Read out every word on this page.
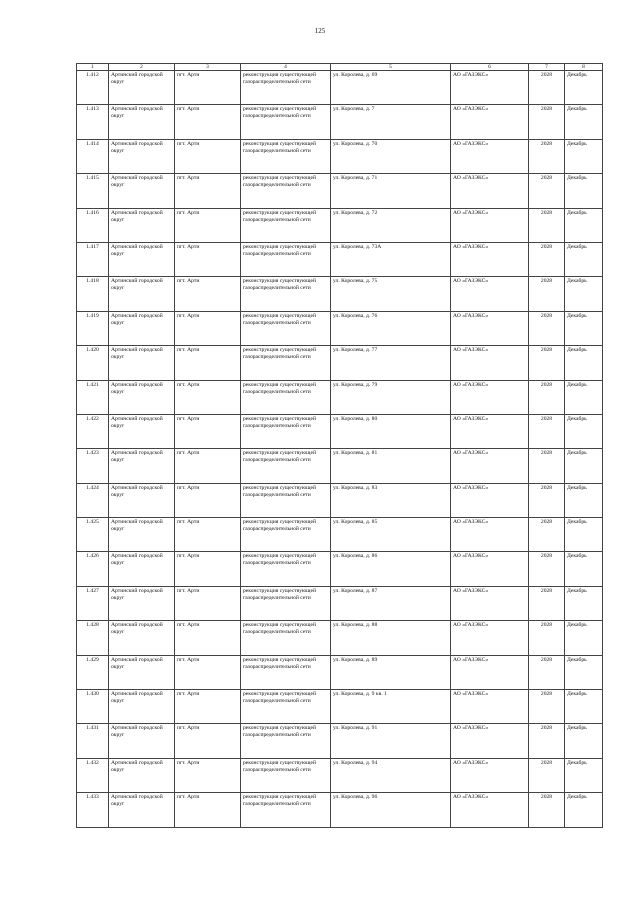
125
1	2	3	4	5	6	7	8
1.412	Артинский городской округ	пгт. Арти	реконструкция существующей газораспределительной сети	ул. Королева, д. 69	АО «ГАЗЭКС»	2028	Декабрь
1.413	Артинский городской округ	пгт. Арти	реконструкция существующей газораспределительной сети	ул. Королева, д. 7	АО «ГАЗЭКС»	2028	Декабрь
1.414	Артинский городской округ	пгт. Арти	реконструкция существующей газораспределительной сети	ул. Королева, д. 70	АО «ГАЗЭКС»	2028	Декабрь
1.415	Артинский городской округ	пгт. Арти	реконструкция существующей газораспределительной сети	ул. Королева, д. 71	АО «ГАЗЭКС»	2028	Декабрь
1.416	Артинский городской округ	пгт. Арти	реконструкция существующей газораспределительной сети	ул. Королева, д. 72	АО «ГАЗЭКС»	2028	Декабрь
1.417	Артинский городской округ	пгт. Арти	реконструкция существующей газораспределительной сети	ул. Королева, д. 73А	АО «ГАЗЭКС»	2028	Декабрь
1.418	Артинский городской округ	пгт. Арти	реконструкция существующей газораспределительной сети	ул. Королева, д. 75	АО «ГАЗЭКС»	2028	Декабрь
1.419	Артинский городской округ	пгт. Арти	реконструкция существующей газораспределительной сети	ул. Королева, д. 76	АО «ГАЗЭКС»	2028	Декабрь
1.420	Артинский городской округ	пгт. Арти	реконструкция существующей газораспределительной сети	ул. Королева, д. 77	АО «ГАЗЭКС»	2028	Декабрь
1.421	Артинский городской округ	пгт. Арти	реконструкция существующей газораспределительной сети	ул. Королева, д. 79	АО «ГАЗЭКС»	2028	Декабрь
1.422	Артинский городской округ	пгт. Арти	реконструкция существующей газораспределительной сети	ул. Королева, д. 80	АО «ГАЗЭКС»	2028	Декабрь
1.423	Артинский городской округ	пгт. Арти	реконструкция существующей газораспределительной сети	ул. Королева, д. 81	АО «ГАЗЭКС»	2028	Декабрь
1.424	Артинский городской округ	пгт. Арти	реконструкция существующей газораспределительной сети	ул. Королева, д. 83	АО «ГАЗЭКС»	2028	Декабрь
1.425	Артинский городской округ	пгт. Арти	реконструкция существующей газораспределительной сети	ул. Королева, д. 85	АО «ГАЗЭКС»	2028	Декабрь
1.426	Артинский городской округ	пгт. Арти	реконструкция существующей газораспределительной сети	ул. Королева, д. 86	АО «ГАЗЭКС»	2028	Декабрь
1.427	Артинский городской округ	пгт. Арти	реконструкция существующей газораспределительной сети	ул. Королева, д. 87	АО «ГАЗЭКС»	2028	Декабрь
1.428	Артинский городской округ	пгт. Арти	реконструкция существующей газораспределительной сети	ул. Королева, д. 88	АО «ГАЗЭКС»	2028	Декабрь
1.429	Артинский городской округ	пгт. Арти	реконструкция существующей газораспределительной сети	ул. Королева, д. 89	АО «ГАЗЭКС»	2028	Декабрь
1.430	Артинский городской округ	пгт. Арти	реконструкция существующей газораспределительной сети	ул. Королева, д. 9 кв. 1	АО «ГАЗЭКС»	2028	Декабрь
1.431	Артинский городской округ	пгт. Арти	реконструкция существующей газораспределительной сети	ул. Королева, д. 91	АО «ГАЗЭКС»	2028	Декабрь
1.432	Артинский городской округ	пгт. Арти	реконструкция существующей газораспределительной сети	ул. Королева, д. 94	АО «ГАЗЭКС»	2028	Декабрь
1.433	Артинский городской округ	пгт. Арти	реконструкция существующей газораспределительной сети	ул. Королева, д. 96	АО «ГАЗЭКС»	2028	Декабрь
